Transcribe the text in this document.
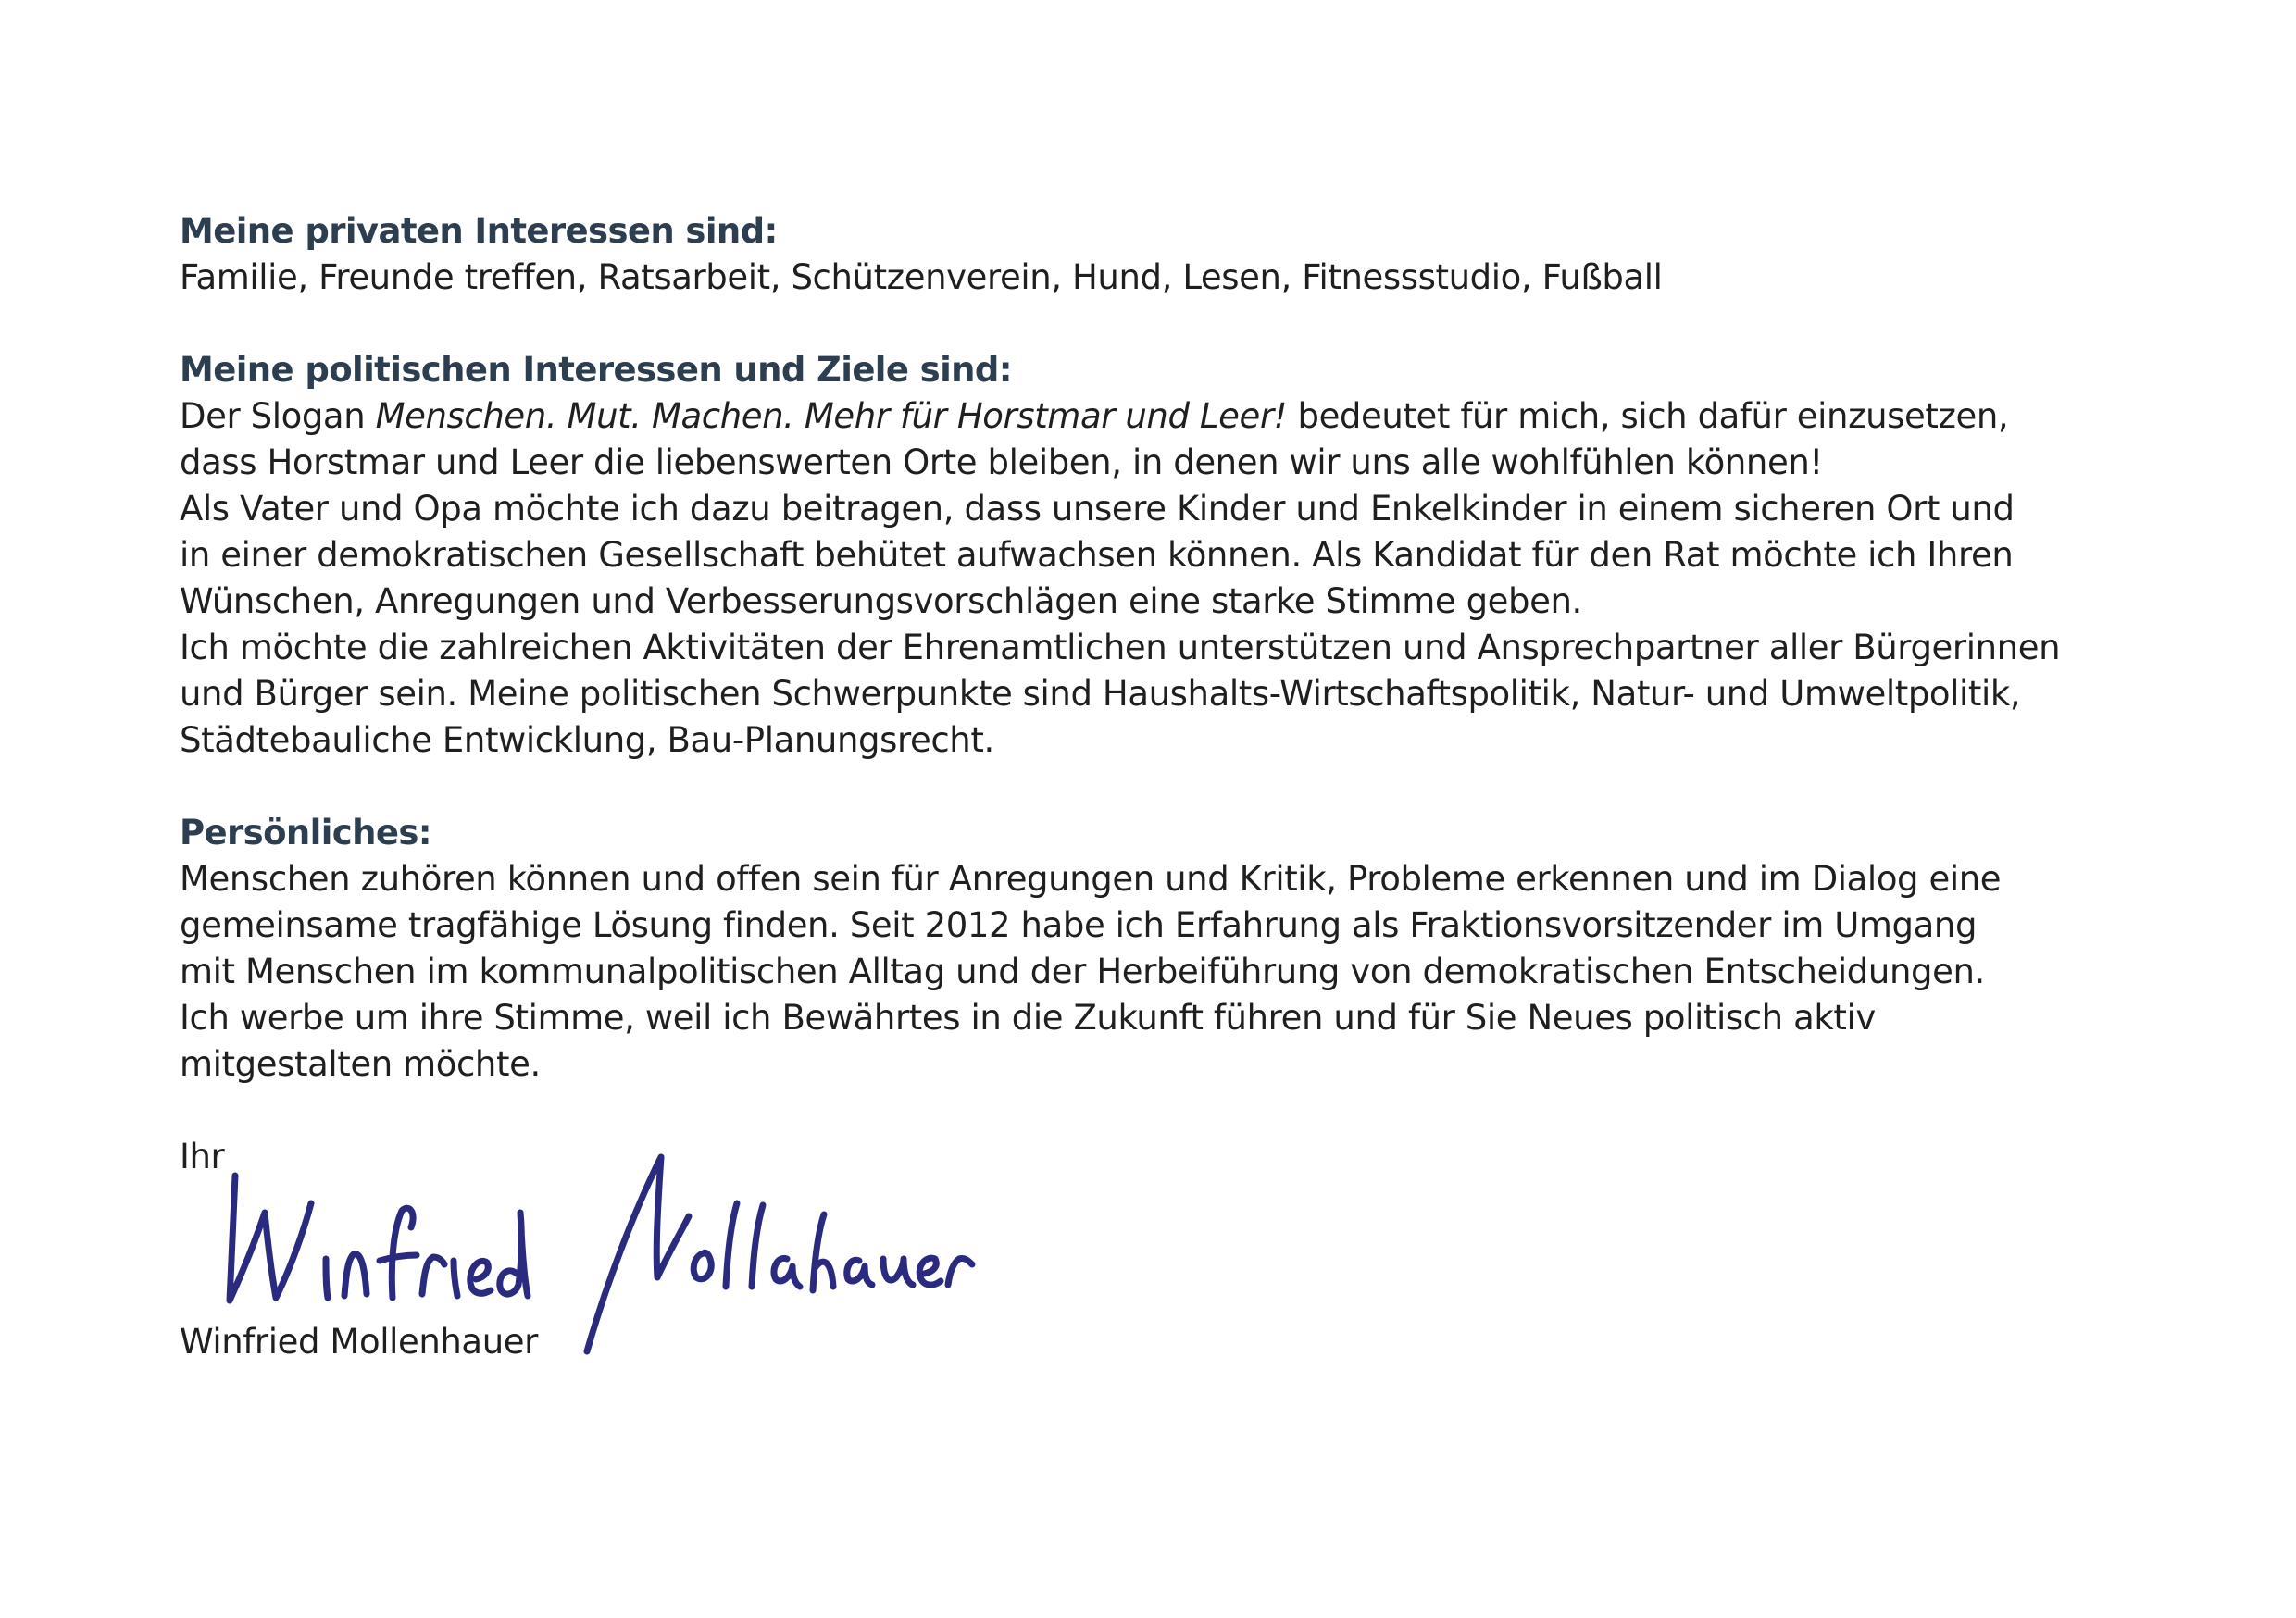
Meine privaten Interessen sind:

Familie, Freunde treffen, Ratsarbeit, Schützenverein, Hund, Lesen, Fitnessstudio, Fußball

Meine politischen Interessen und Ziele sind:

Der Slogan Menschen. Mut. Machen. Mehr für Horstmar und Leer! bedeutet für mich, sich dafür einzusetzen,

dass Horstmar und Leer die liebenswerten Orte bleiben, in denen wir uns alle wohlfühlen können!

Als Vater und Opa möchte ich dazu beitragen, dass unsere Kinder und Enkelkinder in einem sicheren Ort und

in einer demokratischen Gesellschaft behütet aufwachsen können. Als Kandidat für den Rat möchte ich Ihren

Wünschen, Anregungen und Verbesserungsvorschlägen eine starke Stimme geben.

Ich möchte die zahlreichen Aktivitäten der Ehrenamtlichen unterstützen und Ansprechpartner aller Bürgerinnen

und Bürger sein. Meine politischen Schwerpunkte sind Haushalts-Wirtschaftspolitik, Natur- und Umweltpolitik,

Städtebauliche Entwicklung, Bau-Planungsrecht.

Persönliches:

Menschen zuhören können und offen sein für Anregungen und Kritik, Probleme erkennen und im Dialog eine

gemeinsame tragfähige Lösung finden. Seit 2012 habe ich Erfahrung als Fraktionsvorsitzender im Umgang

mit Menschen im kommunalpolitischen Alltag und der Herbeiführung von demokratischen Entscheidungen.

Ich werbe um ihre Stimme, weil ich Bewährtes in die Zukunft führen und für Sie Neues politisch aktiv

mitgestalten möchte.

Ihr

Winfried Mollenhauer
